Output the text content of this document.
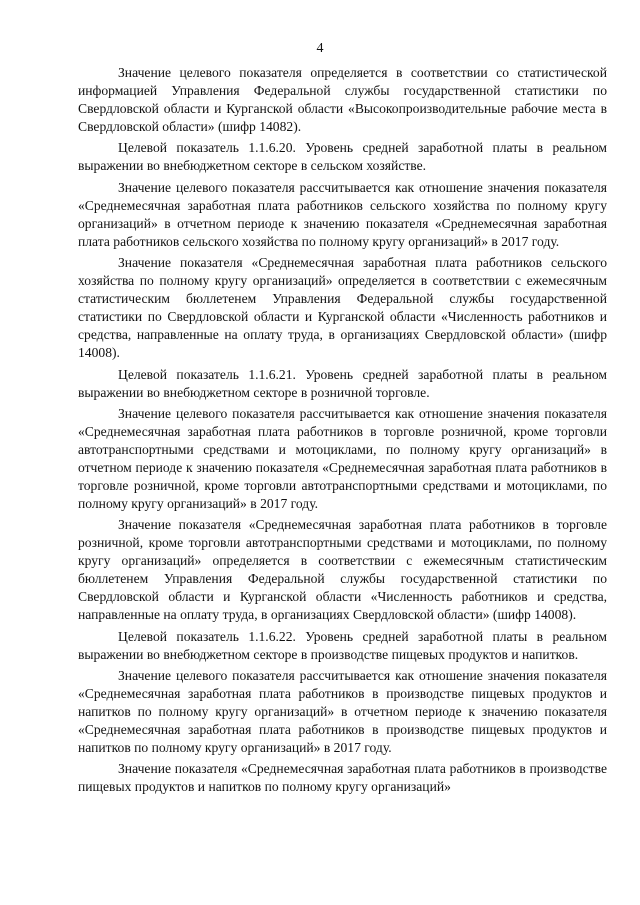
4

Значение целевого показателя определяется в соответствии со статистической информацией Управления Федеральной службы государственной статистики по Свердловской области и Курганской области «Высокопроизводительные рабочие места в Свердловской области» (шифр 14082).

Целевой показатель 1.1.6.20. Уровень средней заработной платы в реальном выражении во внебюджетном секторе в сельском хозяйстве.

Значение целевого показателя рассчитывается как отношение значения показателя «Среднемесячная заработная плата работников сельского хозяйства по полному кругу организаций» в отчетном периоде к значению показателя «Среднемесячная заработная плата работников сельского хозяйства по полному кругу организаций» в 2017 году.

Значение показателя «Среднемесячная заработная плата работников сельского хозяйства по полному кругу организаций» определяется в соответствии с ежемесячным статистическим бюллетенем Управления Федеральной службы государственной статистики по Свердловской области и Курганской области «Численность работников и средства, направленные на оплату труда, в организациях Свердловской области» (шифр 14008).

Целевой показатель 1.1.6.21. Уровень средней заработной платы в реальном выражении во внебюджетном секторе в розничной торговле.

Значение целевого показателя рассчитывается как отношение значения показателя «Среднемесячная заработная плата работников в торговле розничной, кроме торговли автотранспортными средствами и мотоциклами, по полному кругу организаций» в отчетном периоде к значению показателя «Среднемесячная заработная плата работников в торговле розничной, кроме торговли автотранспортными средствами и мотоциклами, по полному кругу организаций» в 2017 году.

Значение показателя «Среднемесячная заработная плата работников в торговле розничной, кроме торговли автотранспортными средствами и мотоциклами, по полному кругу организаций» определяется в соответствии с ежемесячным статистическим бюллетенем Управления Федеральной службы государственной статистики по Свердловской области и Курганской области «Численность работников и средства, направленные на оплату труда, в организациях Свердловской области» (шифр 14008).

Целевой показатель 1.1.6.22. Уровень средней заработной платы в реальном выражении во внебюджетном секторе в производстве пищевых продуктов и напитков.

Значение целевого показателя рассчитывается как отношение значения показателя «Среднемесячная заработная плата работников в производстве пищевых продуктов и напитков по полному кругу организаций» в отчетном периоде к значению показателя «Среднемесячная заработная плата работников в производстве пищевых продуктов и напитков по полному кругу организаций» в 2017 году.

Значение показателя «Среднемесячная заработная плата работников в производстве пищевых продуктов и напитков по полному кругу организаций»
